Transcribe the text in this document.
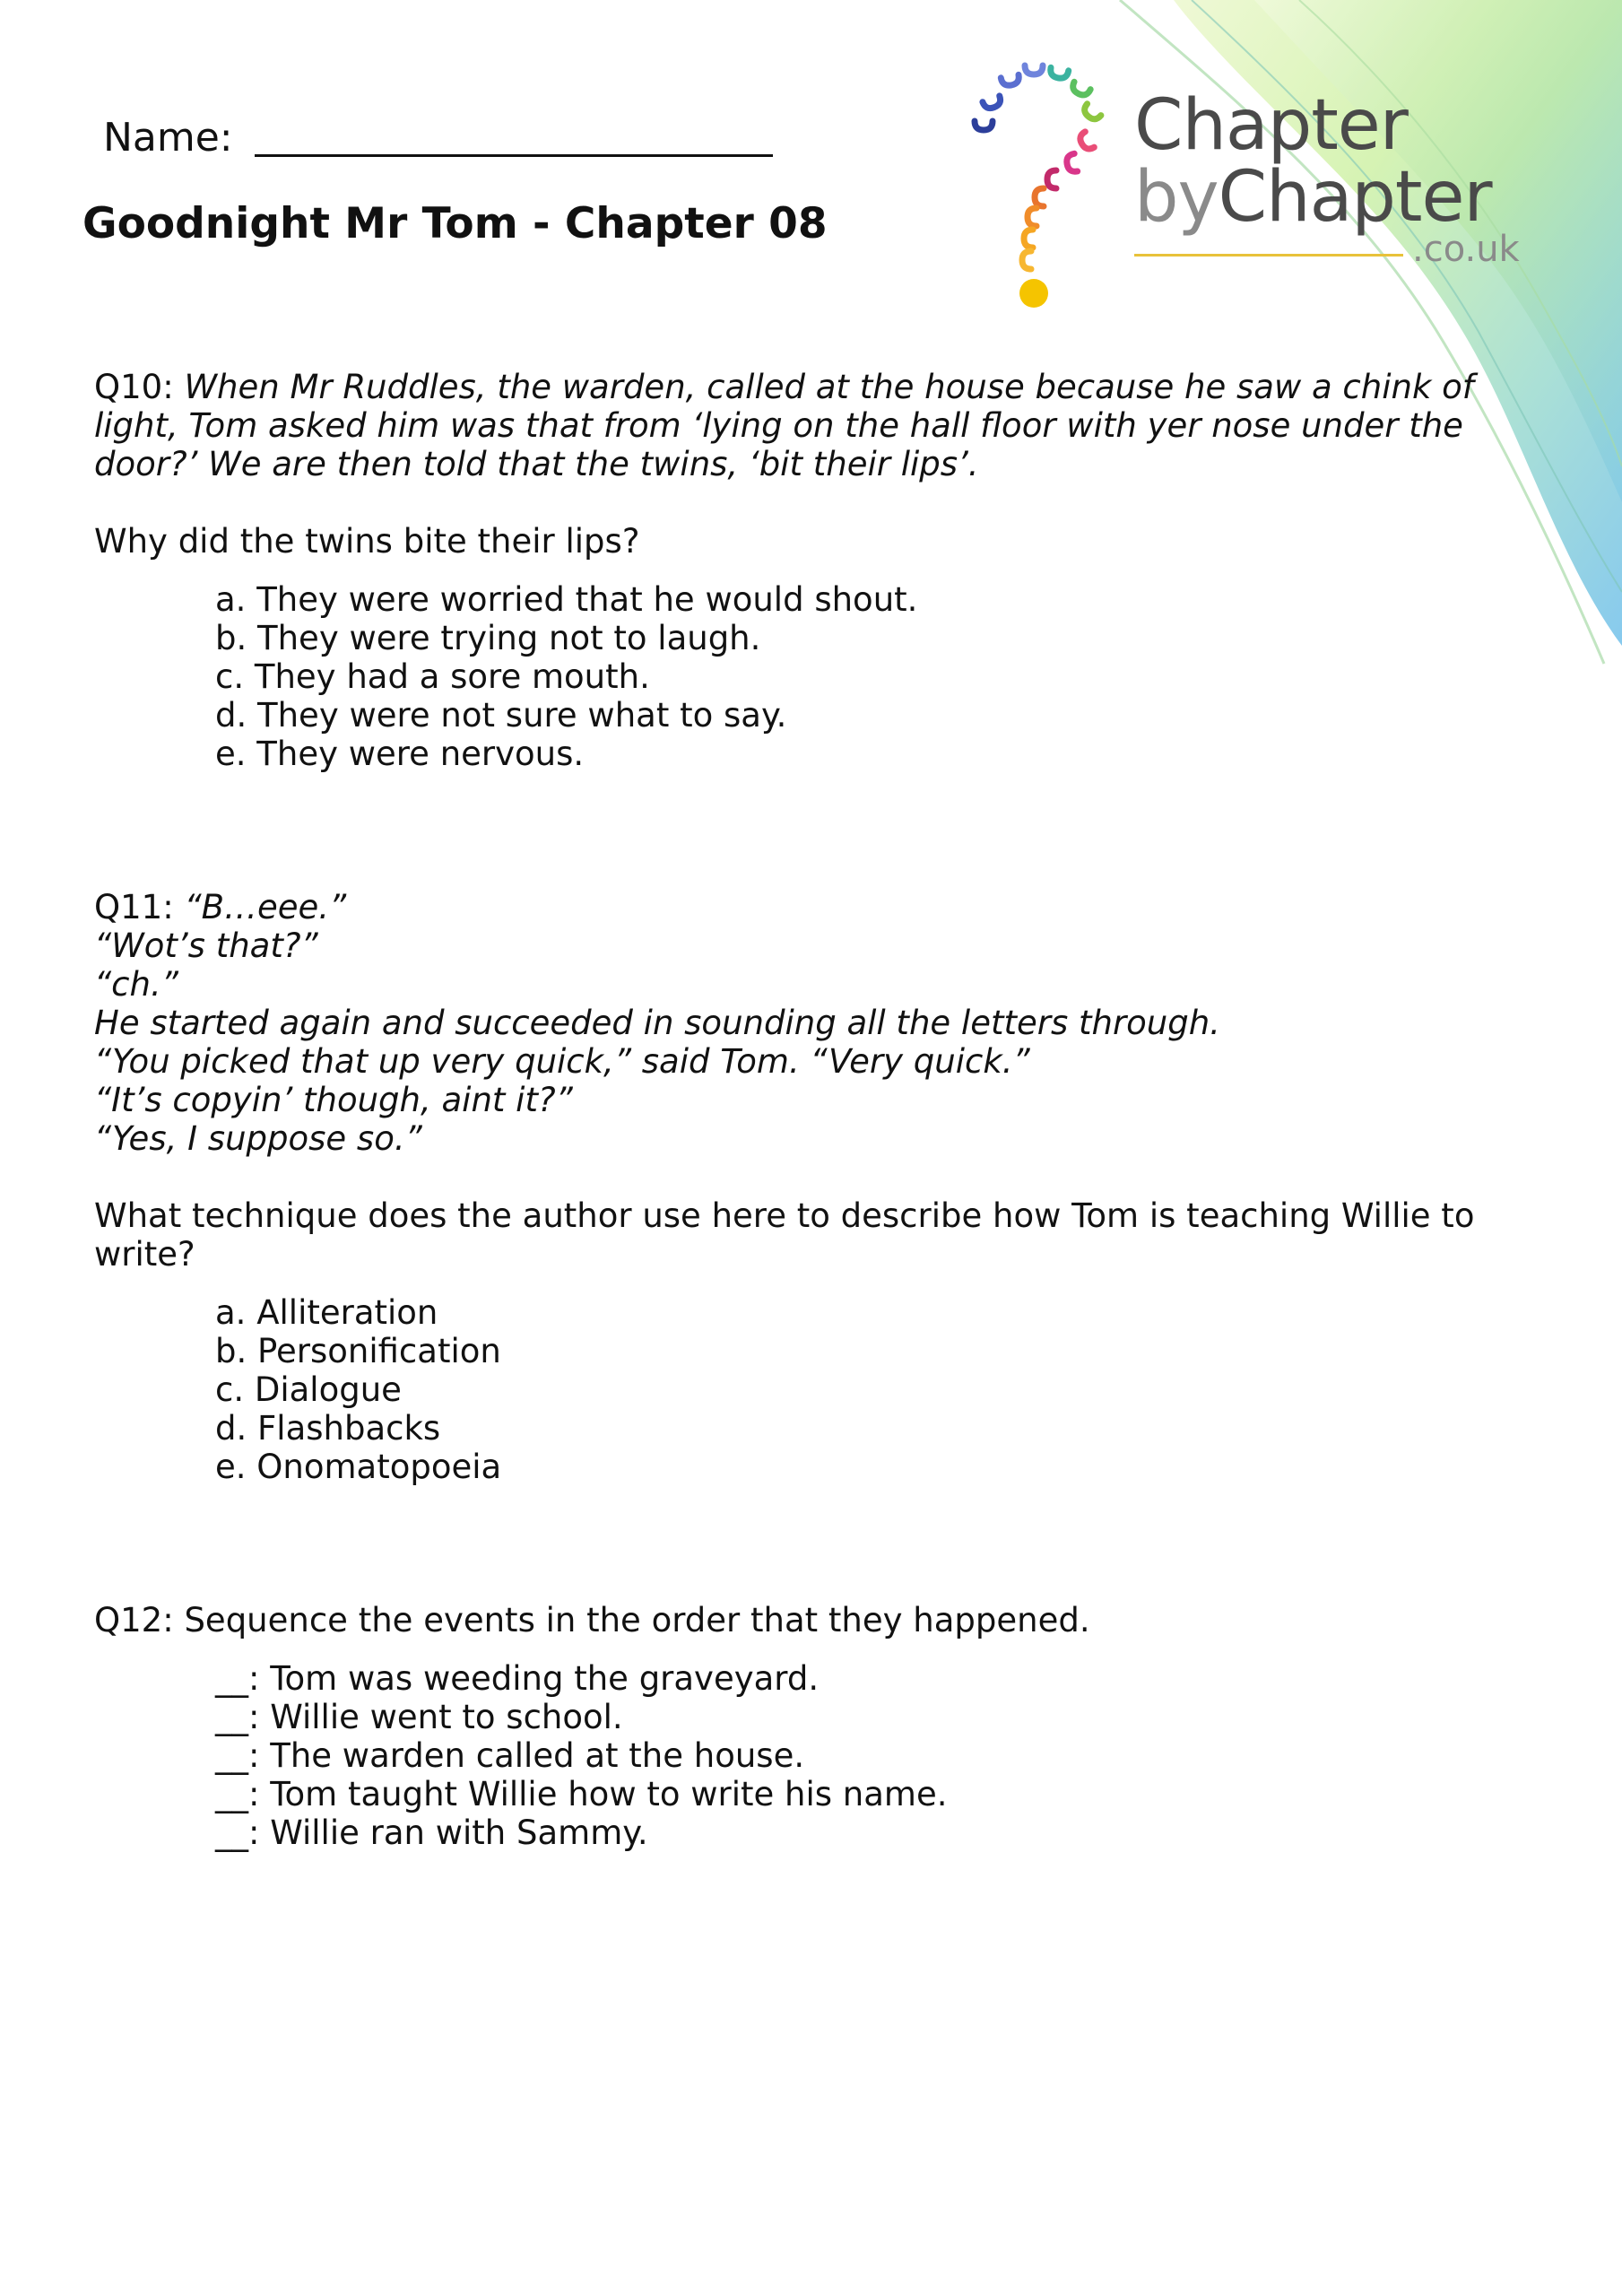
Name:
Goodnight Mr Tom - Chapter 08
Chapter
byChapter
.co.uk

Q10: When Mr Ruddles, the warden, called at the house because he saw a chink of light, Tom asked him was that from ‘lying on the hall floor with yer nose under the door?’ We are then told that the twins, ‘bit their lips’.

Why did the twins bite their lips?

a. They were worried that he would shout.
b. They were trying not to laugh.
c. They had a sore mouth.
d. They were not sure what to say.
e. They were nervous.

Q11: “B…eee.”

“Wot’s that?”

“ch.”

He started again and succeeded in sounding all the letters through.

“You picked that up very quick,” said Tom. “Very quick.”

“It’s copyin’ though, aint it?”

“Yes, I suppose so.”

What technique does the author use here to describe how Tom is teaching Willie to write?

a. Alliteration
b. Personification
c. Dialogue
d. Flashbacks
e. Onomatopoeia

Q12: Sequence the events in the order that they happened.

__: Tom was weeding the graveyard.
__: Willie went to school.
__: The warden called at the house.
__: Tom taught Willie how to write his name.
__: Willie ran with Sammy.
